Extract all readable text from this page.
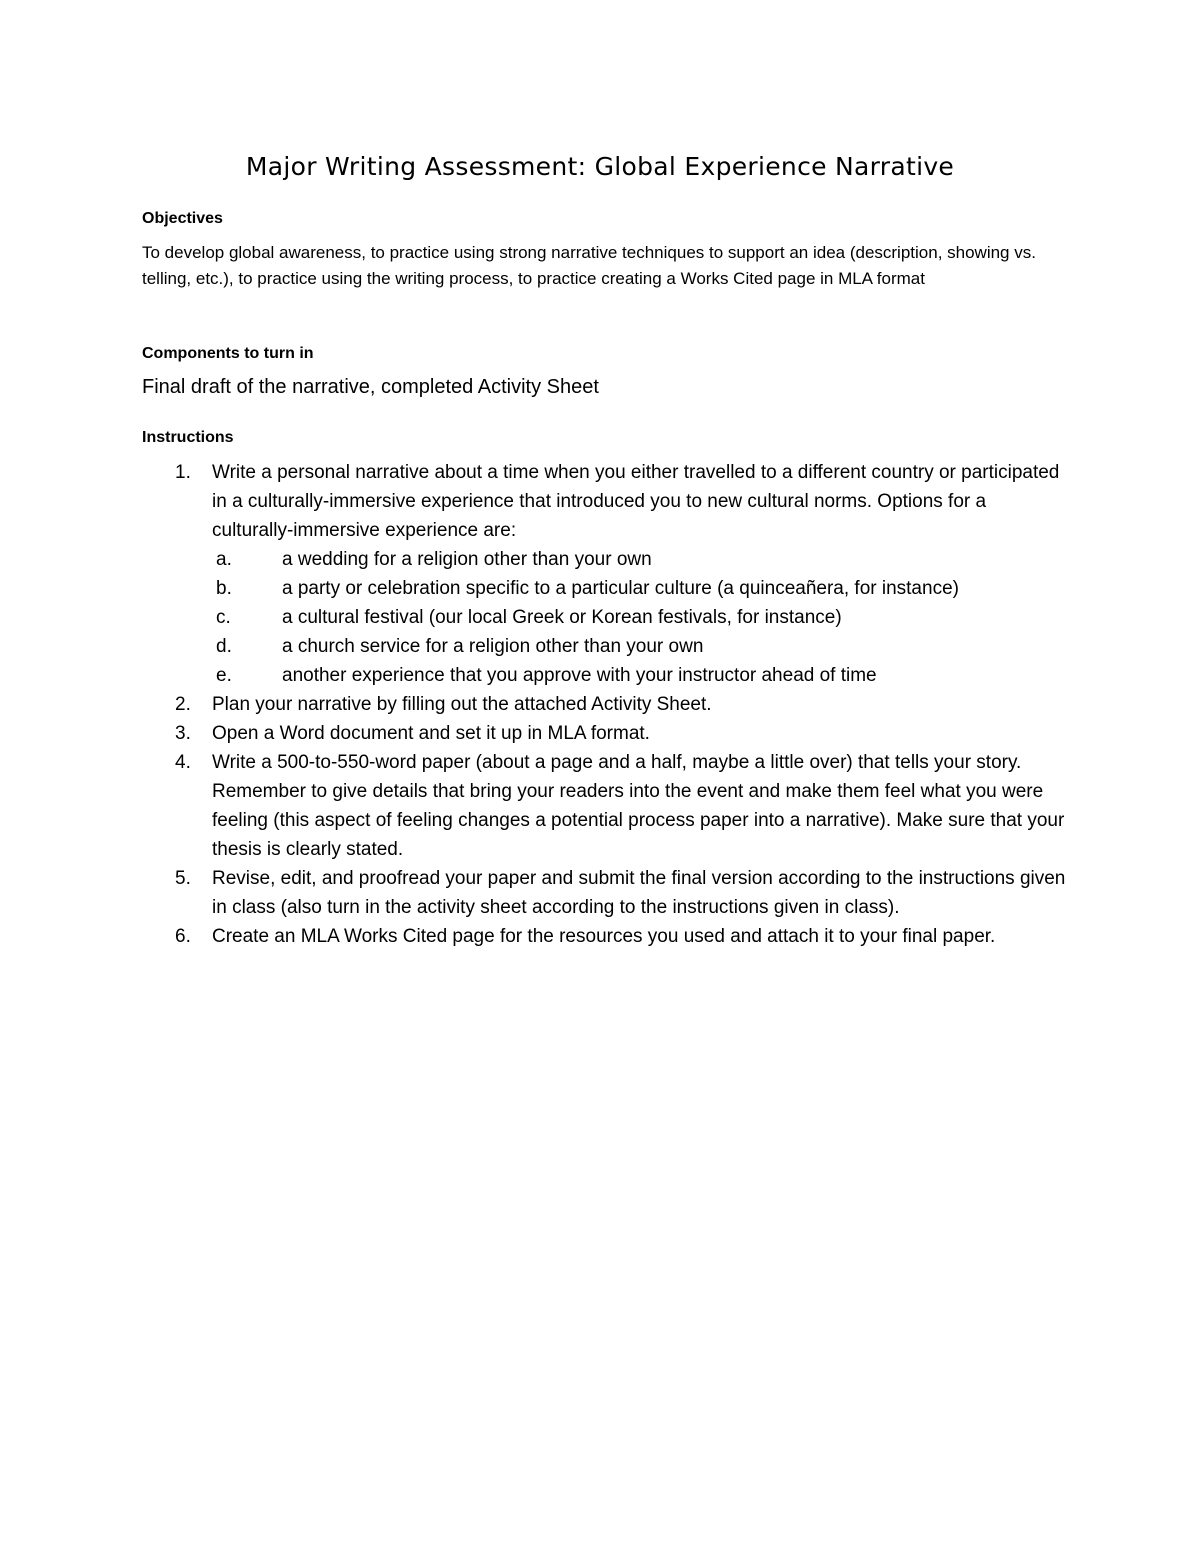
Major Writing Assessment: Global Experience Narrative
Objectives
To develop global awareness, to practice using strong narrative techniques to support an idea (description, showing vs. telling, etc.), to practice using the writing process, to practice creating a Works Cited page in MLA format
Components to turn in
Final draft of the narrative, completed Activity Sheet
Instructions
1. Write a personal narrative about a time when you either travelled to a different country or participated in a culturally-immersive experience that introduced you to new cultural norms. Options for a culturally-immersive experience are:
a.	a wedding for a religion other than your own
b.	a party or celebration specific to a particular culture (a quinceañera, for instance)
c.	a cultural festival (our local Greek or Korean festivals, for instance)
d.	a church service for a religion other than your own
e.	another experience that you approve with your instructor ahead of time
2. Plan your narrative by filling out the attached Activity Sheet.
3. Open a Word document and set it up in MLA format.
4. Write a 500-to-550-word paper (about a page and a half, maybe a little over) that tells your story. Remember to give details that bring your readers into the event and make them feel what you were feeling (this aspect of feeling changes a potential process paper into a narrative). Make sure that your thesis is clearly stated.
5. Revise, edit, and proofread your paper and submit the final version according to the instructions given in class (also turn in the activity sheet according to the instructions given in class).
6. Create an MLA Works Cited page for the resources you used and attach it to your final paper.
